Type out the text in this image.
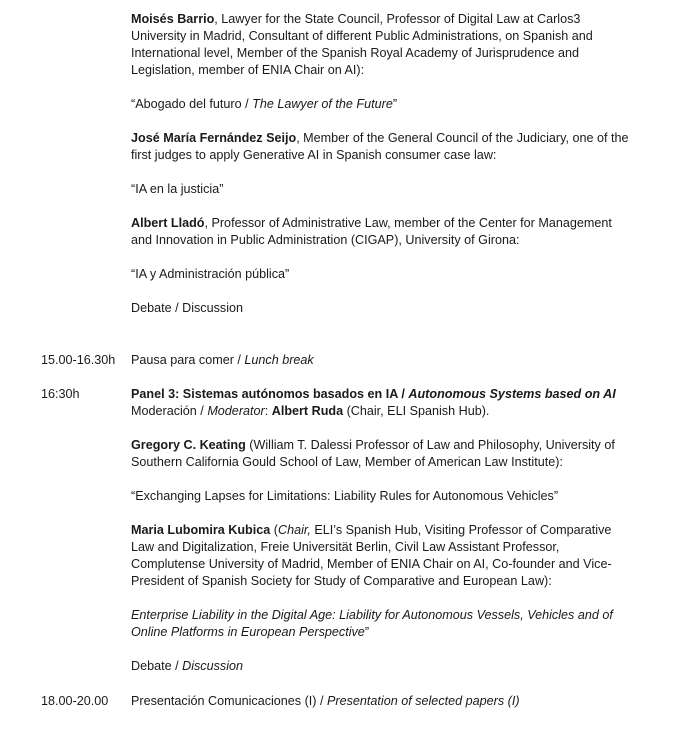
Moisés Barrio, Lawyer for the State Council, Professor of Digital Law at Carlos3 University in Madrid, Consultant of different Public Administrations, on Spanish and International level, Member of the Spanish Royal Academy of Jurisprudence and Legislation, member of ENIA Chair on AI):

“Abogado del futuro / The Lawyer of the Future”

José María Fernández Seijo, Member of the General Council of the Judiciary, one of the first judges to apply Generative AI in Spanish consumer case law:

“IA en la justicia”

Albert Lladó, Professor of Administrative Law, member of the Center for Management and Innovation in Public Administration (CIGAP), University of Girona:

“IA y Administración pública”

Debate / Discussion

15.00-16.30h Pausa para comer / Lunch break

16:30h	Panel 3: Sistemas autónomos basados en IA / Autonomous Systems based on AI

Moderación / Moderator: Albert Ruda (Chair, ELI Spanish Hub).

Gregory C. Keating (William T. Dalessi Professor of Law and Philosophy, University of Southern California Gould School of Law, Member of American Law Institute):

“Exchanging Lapses for Limitations: Liability Rules for Autonomous Vehicles”

Maria Lubomira Kubica (Chair, ELI’s Spanish Hub, Visiting Professor of Comparative Law and Digitalization, Freie Universität Berlin, Civil Law Assistant Professor, Complutense University of Madrid, Member of ENIA Chair on AI, Co-founder and Vice- President of Spanish Society for Study of Comparative and European Law):

Enterprise Liability in the Digital Age: Liability for Autonomous Vessels, Vehicles and of Online Platforms in European Perspective”

Debate / Discussion

18.00-20.00 Presentación Comunicaciones (I) / Presentation of selected papers (I)
